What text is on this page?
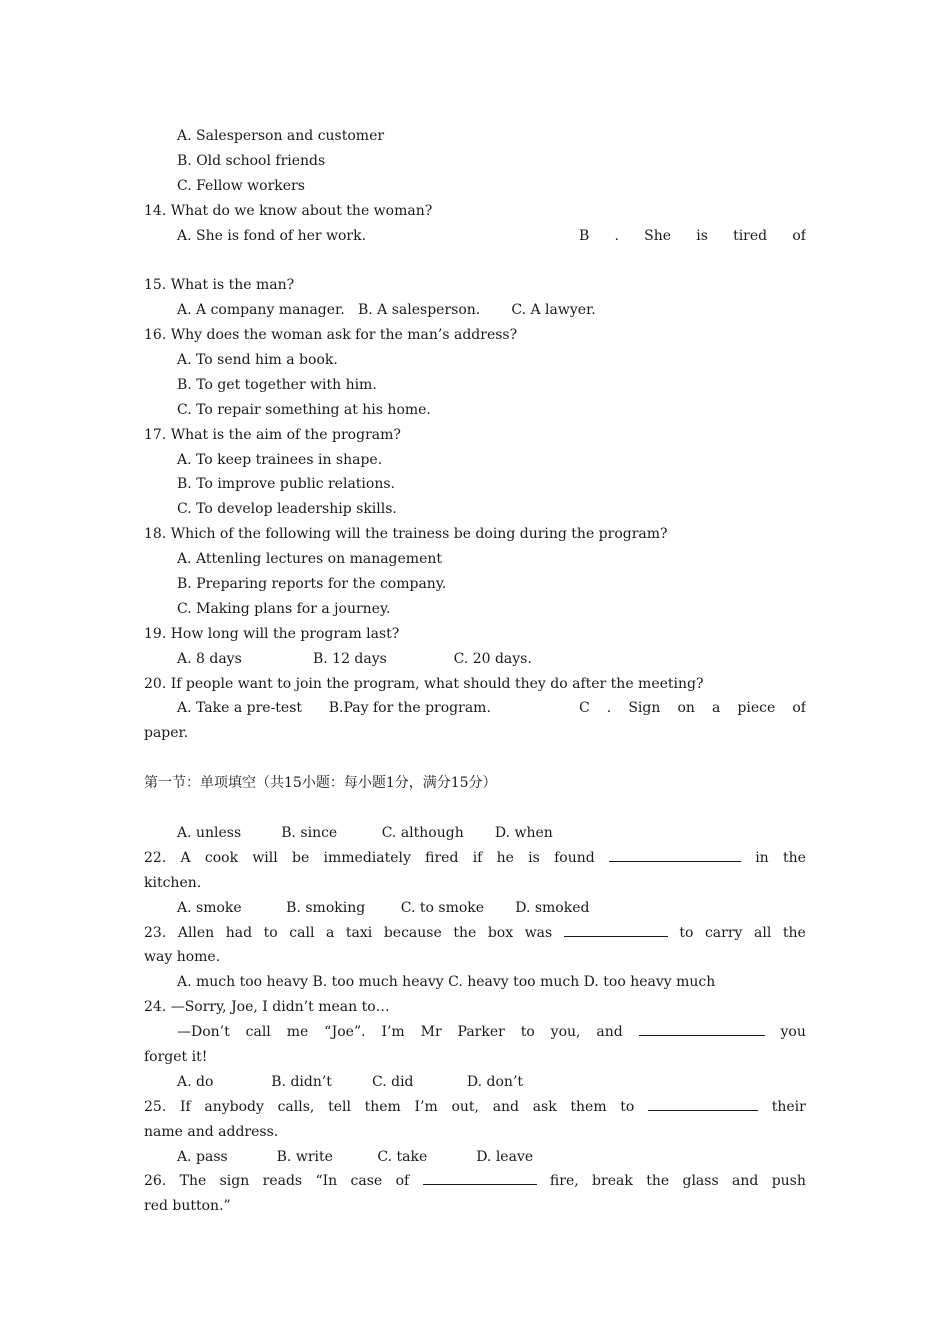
A. Salesperson and customer
B. Old school friends
C. Fellow workers
14. What do we know about the woman?
A. She is fond of her work.	B . She is tired of

15. What is the man?
A. A company manager.   B. A salesperson.       C. A lawyer.
16. Why does the woman ask for the man’s address?
A. To send him a book.
B. To get together with him.
C. To repair something at his home.
17. What is the aim of the program?
A. To keep trainees in shape.
B. To improve public relations.
C. To develop leadership skills.
18. Which of the following will the trainess be doing during the program?
A. Attenling lectures on management
B. Preparing reports for the company.
C. Making plans for a journey.
19. How long will the program last?
A. 8 days                B. 12 days               C. 20 days.
20. If people want to join the program, what should they do after the meeting?
A. Take a pre-test      B.Pay for the program.	C . Sign on a piece of
paper.

第一节：单项填空（共15小题：每小题1分，满分15分）

A. unless         B. since          C. although       D. when
22. A cook will be immediately fired if he is found	in the
kitchen.
A. smoke          B. smoking        C. to smoke       D. smoked
23. Allen had to call a taxi because the box was	to carry all the
way home.
A. much too heavy B. too much heavy C. heavy too much D. too heavy much
24. —Sorry, Joe, I didn’t mean to…
—Don’t call me “Joe”. I’m Mr Parker to you, and	you
forget it!
A. do             B. didn’t         C. did            D. don’t
25. If anybody calls, tell them I’m out, and ask them to	their
name and address.
A. pass           B. write          C. take           D. leave
26. The sign reads “In case of	fire, break the glass and push
red button.”
